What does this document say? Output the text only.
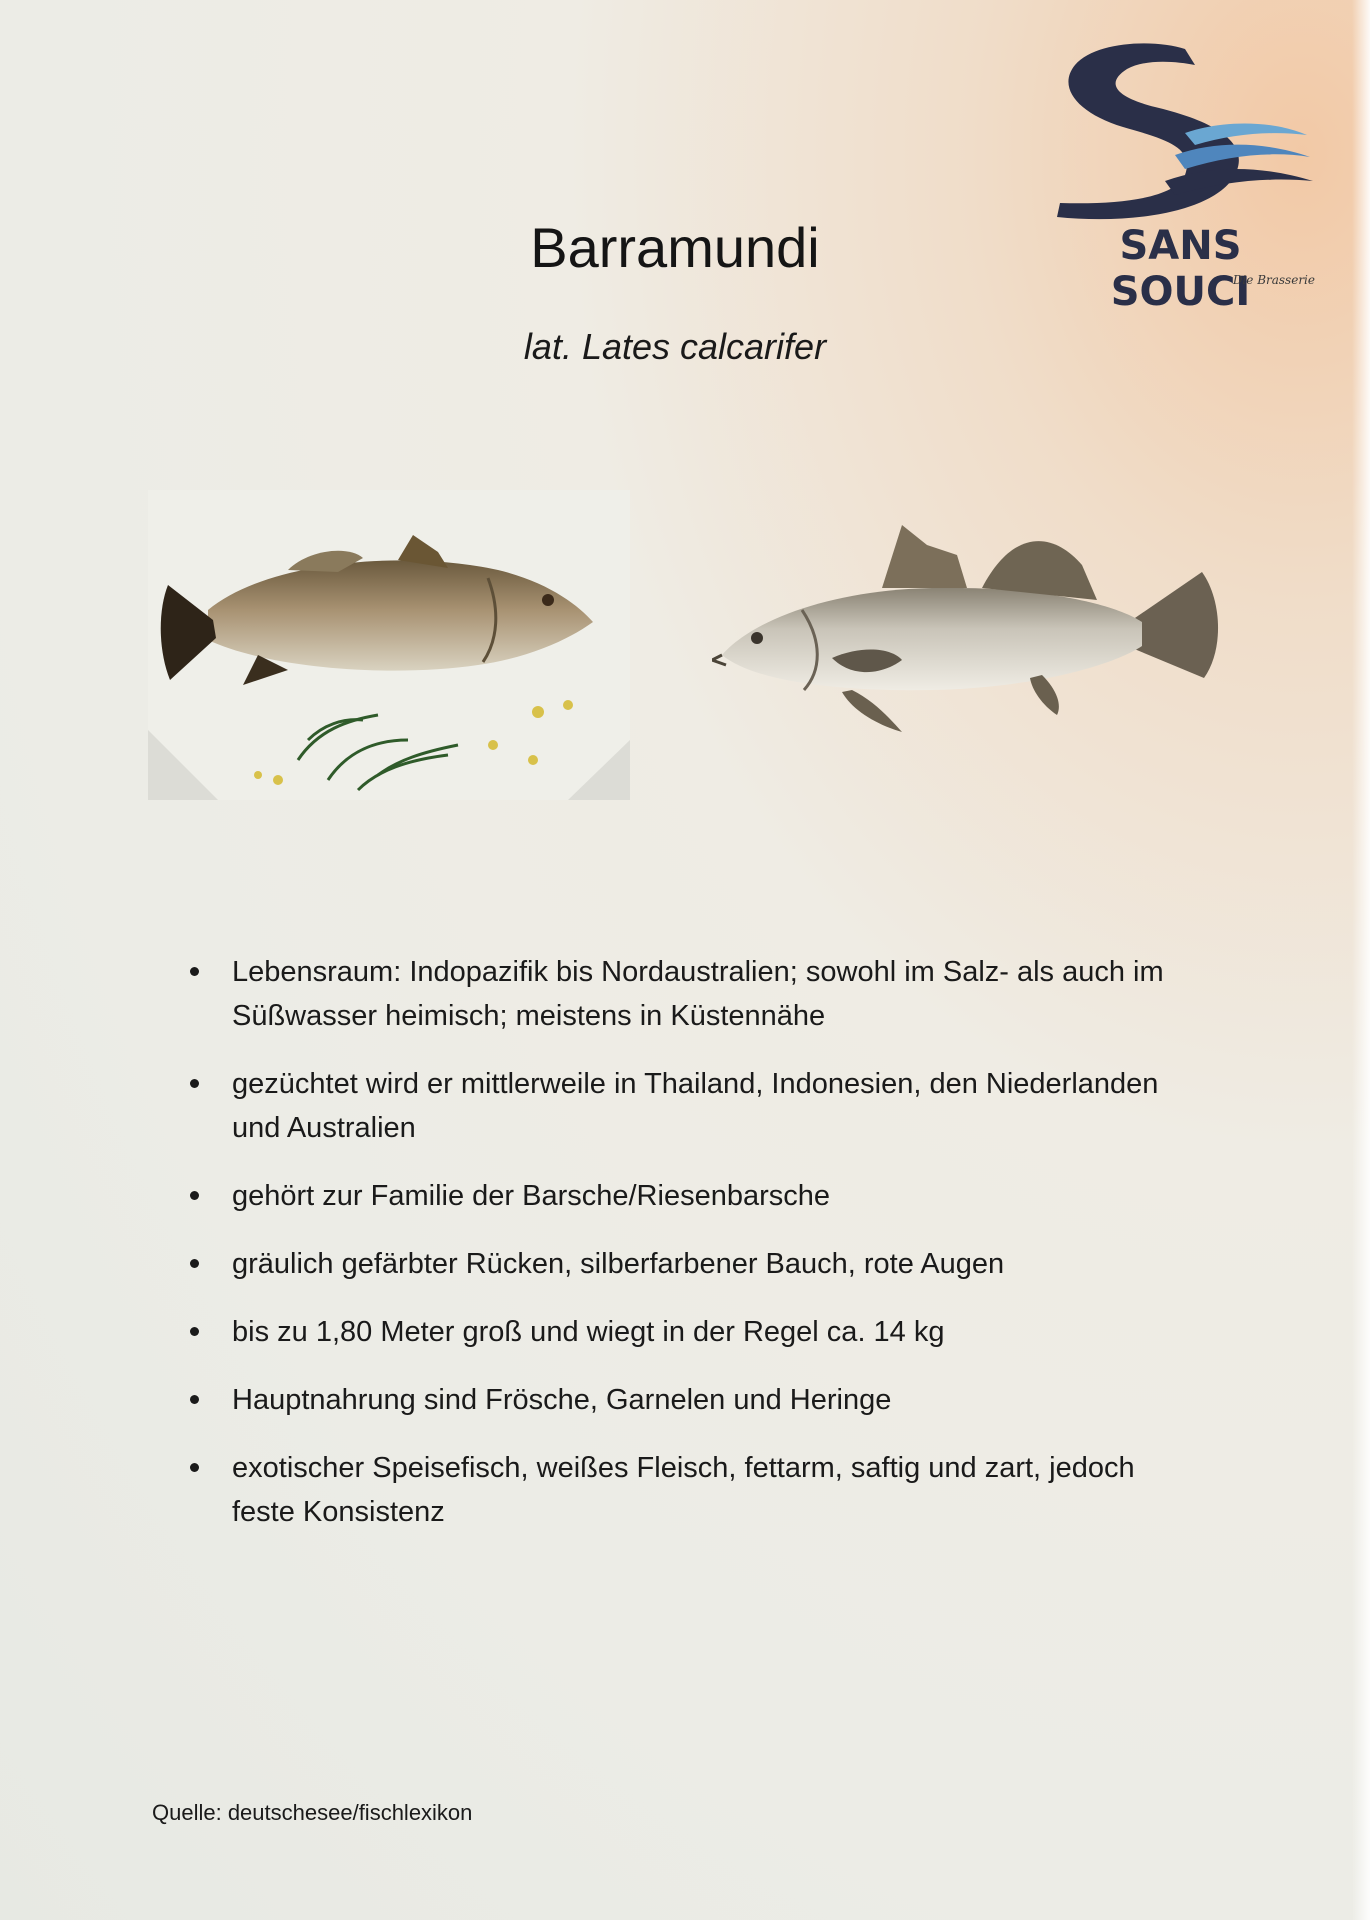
SANS SOUCI
Die Brasserie
Barramundi
lat. Lates calcarifer
Lebensraum: Indopazifik bis Nordaustralien; sowohl im Salz- als auch im Süßwasser heimisch; meistens in Küstennähe
gezüchtet wird er mittlerweile in Thailand, Indonesien, den Niederlanden und Australien
gehört zur Familie der Barsche/Riesenbarsche
gräulich gefärbter Rücken, silberfarbener Bauch, rote Augen
bis zu 1,80 Meter groß und wiegt in der Regel ca. 14 kg
Hauptnahrung sind Frösche, Garnelen und Heringe
exotischer Speisefisch, weißes Fleisch, fettarm, saftig und zart, jedoch feste Konsistenz
Quelle: deutschesee/fischlexikon
